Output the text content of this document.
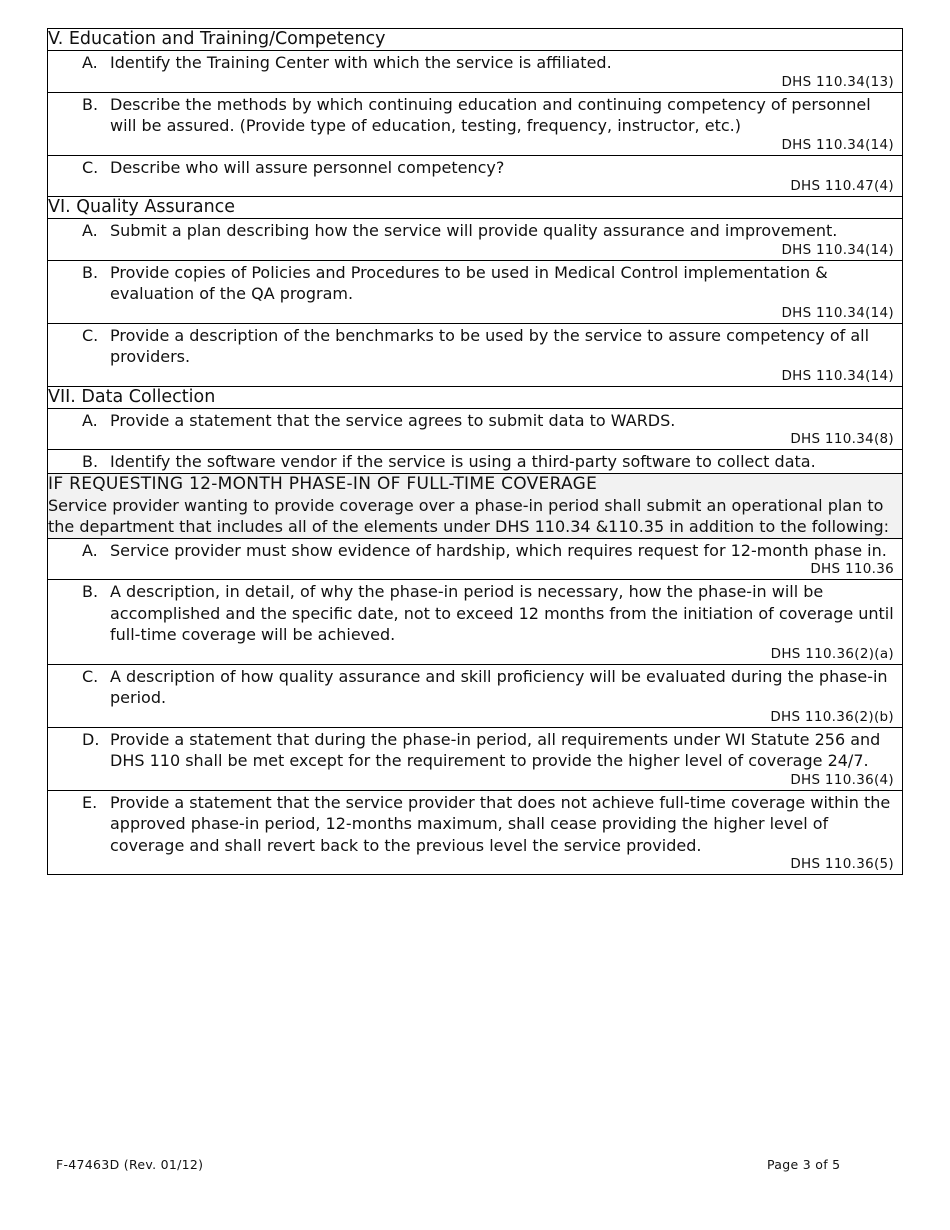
V. Education and Training/Competency

A. Identify the Training Center with which the service is affiliated.
DHS 110.34(13)

B. Describe the methods by which continuing education and continuing competency of personnel will be assured. (Provide type of education, testing, frequency, instructor, etc.)
DHS 110.34(14)

C. Describe who will assure personnel competency?
DHS 110.47(4)

VI. Quality Assurance

A. Submit a plan describing how the service will provide quality assurance and improvement.
DHS 110.34(14)

B. Provide copies of Policies and Procedures to be used in Medical Control implementation & evaluation of the QA program.
DHS 110.34(14)

C. Provide a description of the benchmarks to be used by the service to assure competency of all providers.
DHS 110.34(14)

VII. Data Collection

A. Provide a statement that the service agrees to submit data to WARDS.
DHS 110.34(8)

B. Identify the software vendor if the service is using a third-party software to collect data.

IF REQUESTING 12-MONTH PHASE-IN OF FULL-TIME COVERAGE
Service provider wanting to provide coverage over a phase-in period shall submit an operational plan to the department that includes all of the elements under DHS 110.34 &110.35 in addition to the following:

A. Service provider must show evidence of hardship, which requires request for 12-month phase in.
DHS 110.36

B. A description, in detail, of why the phase-in period is necessary, how the phase-in will be accomplished and the specific date, not to exceed 12 months from the initiation of coverage until full-time coverage will be achieved.
DHS 110.36(2)(a)

C. A description of how quality assurance and skill proficiency will be evaluated during the phase-in period.
DHS 110.36(2)(b)

D. Provide a statement that during the phase-in period, all requirements under WI Statute 256 and DHS 110 shall be met except for the requirement to provide the higher level of coverage 24/7.
DHS 110.36(4)

E. Provide a statement that the service provider that does not achieve full-time coverage within the approved phase-in period, 12-months maximum, shall cease providing the higher level of coverage and shall revert back to the previous level the service provided.
DHS 110.36(5)
F-47463D (Rev. 01/12)	Page 3 of 5
